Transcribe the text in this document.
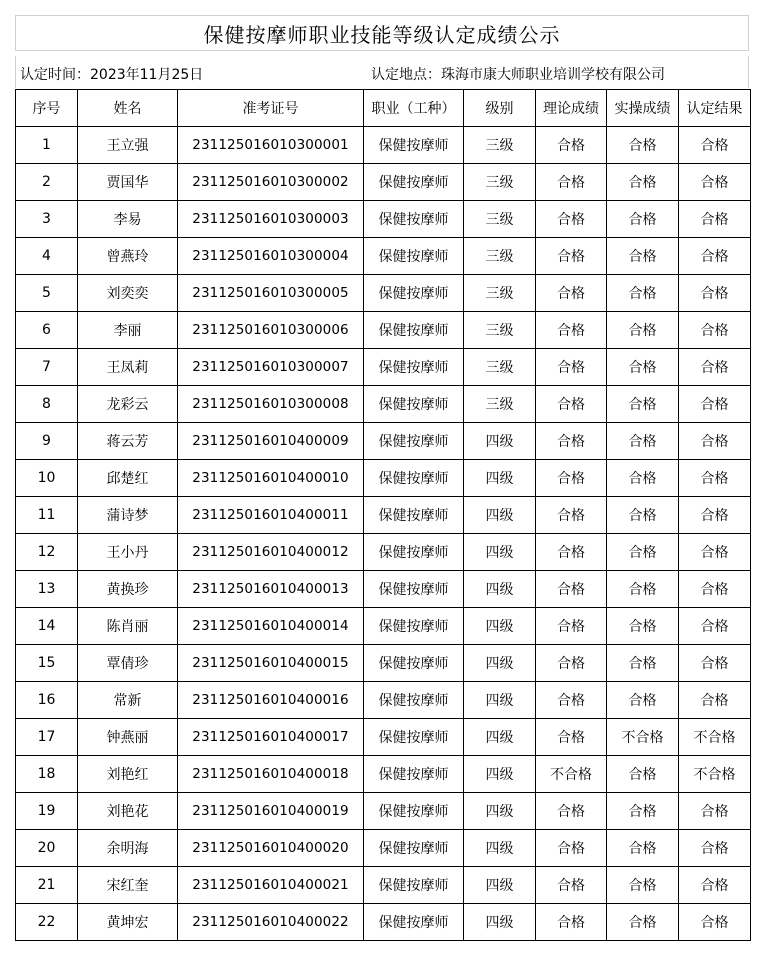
保健按摩师职业技能等级认定成绩公示
认定时间：2023年11月25日	认定地点：珠海市康大师职业培训学校有限公司
序号	姓名	准考证号	职业（工种）	级别	理论成绩	实操成绩	认定结果
1	王立强	231125016010300001	保健按摩师	三级	合格	合格	合格
2	贾国华	231125016010300002	保健按摩师	三级	合格	合格	合格
3	李易	231125016010300003	保健按摩师	三级	合格	合格	合格
4	曾燕玲	231125016010300004	保健按摩师	三级	合格	合格	合格
5	刘奕奕	231125016010300005	保健按摩师	三级	合格	合格	合格
6	李丽	231125016010300006	保健按摩师	三级	合格	合格	合格
7	王凤莉	231125016010300007	保健按摩师	三级	合格	合格	合格
8	龙彩云	231125016010300008	保健按摩师	三级	合格	合格	合格
9	蒋云芳	231125016010400009	保健按摩师	四级	合格	合格	合格
10	邱楚红	231125016010400010	保健按摩师	四级	合格	合格	合格
11	蒲诗梦	231125016010400011	保健按摩师	四级	合格	合格	合格
12	王小丹	231125016010400012	保健按摩师	四级	合格	合格	合格
13	黄换珍	231125016010400013	保健按摩师	四级	合格	合格	合格
14	陈肖丽	231125016010400014	保健按摩师	四级	合格	合格	合格
15	覃倩珍	231125016010400015	保健按摩师	四级	合格	合格	合格
16	常新	231125016010400016	保健按摩师	四级	合格	合格	合格
17	钟燕丽	231125016010400017	保健按摩师	四级	合格	不合格	不合格
18	刘艳红	231125016010400018	保健按摩师	四级	不合格	合格	不合格
19	刘艳花	231125016010400019	保健按摩师	四级	合格	合格	合格
20	余明海	231125016010400020	保健按摩师	四级	合格	合格	合格
21	宋红奎	231125016010400021	保健按摩师	四级	合格	合格	合格
22	黄坤宏	231125016010400022	保健按摩师	四级	合格	合格	合格
